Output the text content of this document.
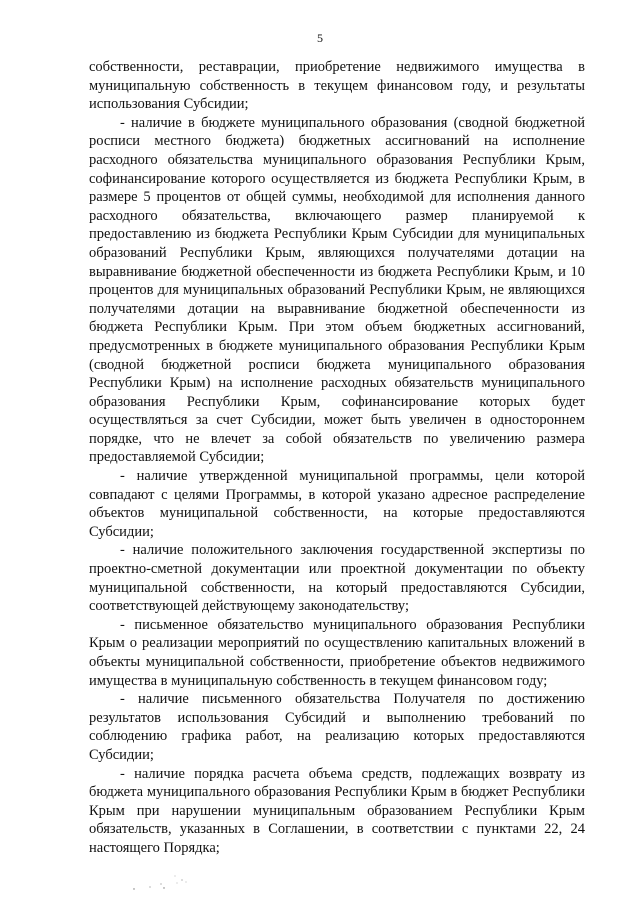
5

собственности, реставрации, приобретение недвижимого имущества в муниципальную собственность в текущем финансовом году, и результаты использования Субсидии;

- наличие в бюджете муниципального образования (сводной бюджетной росписи местного бюджета) бюджетных ассигнований на исполнение расходного обязательства муниципального образования Республики Крым, софинансирование которого осуществляется из бюджета Республики Крым, в размере 5 процентов от общей суммы, необходимой для исполнения данного расходного обязательства, включающего размер планируемой к предоставлению из бюджета Республики Крым Субсидии для муниципальных образований Республики Крым, являющихся получателями дотации на выравнивание бюджетной обеспеченности из бюджета Республики Крым, и 10 процентов для муниципальных образований Республики Крым, не являющихся получателями дотации на выравнивание бюджетной обеспеченности из бюджета Республики Крым. При этом объем бюджетных ассигнований, предусмотренных в бюджете муниципального образования Республики Крым (сводной бюджетной росписи бюджета муниципального образования Республики Крым) на исполнение расходных обязательств муниципального образования Республики Крым, софинансирование которых будет осуществляться за счет Субсидии, может быть увеличен в одностороннем порядке, что не влечет за собой обязательств по увеличению размера предоставляемой Субсидии;

- наличие утвержденной муниципальной программы, цели которой совпадают с целями Программы, в которой указано адресное распределение объектов муниципальной собственности, на которые предоставляются Субсидии;

- наличие положительного заключения государственной экспертизы по проектно-сметной документации или проектной документации по объекту муниципальной собственности, на который предоставляются Субсидии, соответствующей действующему законодательству;

- письменное обязательство муниципального образования Республики Крым о реализации мероприятий по осуществлению капитальных вложений в объекты муниципальной собственности, приобретение объектов недвижимого имущества в муниципальную собственность в текущем финансовом году;

- наличие письменного обязательства Получателя по достижению результатов использования Субсидий и выполнению требований по соблюдению графика работ, на реализацию которых предоставляются Субсидии;

- наличие порядка расчета объема средств, подлежащих возврату из бюджета муниципального образования Республики Крым в бюджет Республики Крым при нарушении муниципальным образованием Республики Крым обязательств, указанных в Соглашении, в соответствии с пунктами 22, 24 настоящего Порядка;
